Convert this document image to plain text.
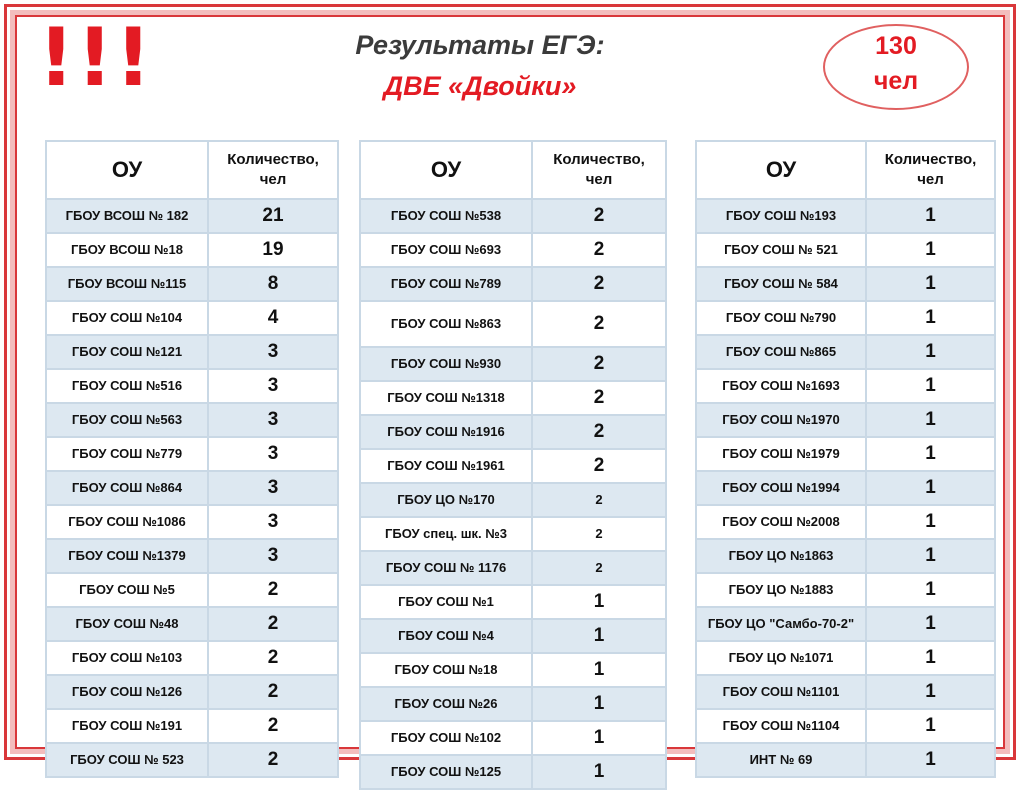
!!!	Результаты ЕГЭ:
ДВЕ «Двойки»
130
чел
ОУ	Количество,
чел

ГБОУ ВСОШ № 182	21
ГБОУ ВСОШ №18	19
ГБОУ ВСОШ №115	8
ГБОУ СОШ №104	4
ГБОУ СОШ №121	3
ГБОУ СОШ №516	3
ГБОУ СОШ №563	3
ГБОУ СОШ №779	3
ГБОУ СОШ №864	3
ГБОУ СОШ №1086	3
ГБОУ СОШ №1379	3
ГБОУ СОШ №5	2
ГБОУ СОШ №48	2
ГБОУ СОШ №103	2
ГБОУ СОШ №126	2
ГБОУ СОШ №191	2
ГБОУ СОШ № 523	2
ОУ	Количество,
чел

ГБОУ СОШ №538	2
ГБОУ СОШ №693	2
ГБОУ СОШ №789	2
ГБОУ СОШ №863	2
ГБОУ СОШ №930	2
ГБОУ СОШ №1318	2
ГБОУ СОШ №1916	2
ГБОУ СОШ №1961	2
ГБОУ ЦО №170	2
ГБОУ спец. шк. №3	2
ГБОУ СОШ № 1176	2
ГБОУ СОШ №1	1
ГБОУ СОШ №4	1
ГБОУ СОШ №18	1
ГБОУ СОШ №26	1
ГБОУ СОШ №102	1
ГБОУ СОШ №125	1
ОУ	Количество,
чел

ГБОУ СОШ №193	1
ГБОУ СОШ № 521	1
ГБОУ СОШ № 584	1
ГБОУ СОШ №790	1
ГБОУ СОШ №865	1
ГБОУ СОШ №1693	1
ГБОУ СОШ №1970	1
ГБОУ СОШ №1979	1
ГБОУ СОШ №1994	1
ГБОУ СОШ №2008	1
ГБОУ ЦО №1863	1
ГБОУ ЦО №1883	1
ГБОУ ЦО "Самбо-70-2"	1
ГБОУ ЦО №1071	1
ГБОУ СОШ №1101	1
ГБОУ СОШ №1104	1
ИНТ № 69	1
